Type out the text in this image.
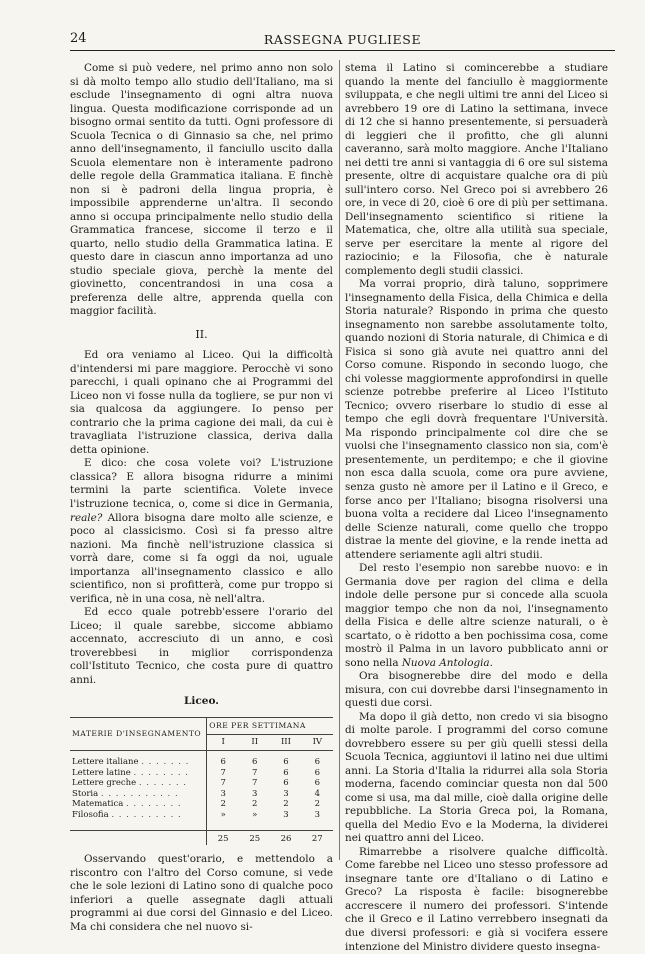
24	RASSEGNA PUGLIESE

Come si può vedere, nel primo anno non solo si dà molto tempo allo studio dell'Italiano, ma si esclude l'insegnamento di ogni altra nuova lingua. Questa modificazione corrisponde ad un bisogno ormai sentito da tutti. Ogni professore di Scuola Tecnica o di Ginnasio sa che, nel primo anno dell'insegnamento, il fanciullo uscito dalla Scuola elementare non è interamente padrono delle regole della Grammatica italiana. E finchè non si è padroni della lingua propria, è impossibile apprenderne un'altra. Il secondo anno si occupa principalmente nello studio della Grammatica francese, siccome il terzo e il quarto, nello studio della Grammatica latina. E questo dare in ciascun anno importanza ad uno studio speciale giova, perchè la mente del giovinetto, concentrandosi in una cosa a preferenza delle altre, apprenda quella con maggior facilità.

II.

Ed ora veniamo al Liceo. Qui la difficoltà d'intendersi mi pare maggiore. Perocchè vi sono parecchi, i quali opinano che ai Programmi del Liceo non vi fosse nulla da togliere, se pur non vi sia qualcosa da aggiungere. Io penso per contrario che la prima cagione dei mali, da cui è travagliata l'istruzione classica, deriva dalla detta opinione.

E dico: che cosa volete voi? L'istruzione classica? E allora bisogna ridurre a minimi termini la parte scientifica. Volete invece l'istruzione tecnica, o, come si dice in Germania, reale? Allora bisogna dare molto alle scienze, e poco al classicismo. Così si fa presso altre nazioni. Ma finchè nell'istruzione classica si vorrà dare, come si fa oggi da noi, uguale importanza all'insegnamento classico e allo scientifico, non si profitterà, come pur troppo si verifica, nè in una cosa, nè nell'altra.

Ed ecco quale potrebb'essere l'orario del Liceo; il quale sarebbe, siccome abbiamo accennato, accresciuto di un anno, e così troverebbesi in miglior corrispondenza coll'Istituto Tecnico, che costa pure di quattro anni.

Liceo.
MATERIE D'INSEGNAMENTO	ORE PER SETTIMANA			
	I	II	III	IV

Lettere italiane . . . . . . .	6	6	6	6
Lettere latine . . . . . . . .	7	7	6	6
Lettere greche . . . . . . .	7	7	6	6
Storia . . . . . . . . . . .	3	3	3	4
Matematica . . . . . . . .	2	2	2	2
Filosofia . . . . . . . . . .	»	»	3	3

	25	25	26	27

Osservando quest'orario, e mettendolo a riscontro con l'altro del Corso comune, si vede che le sole lezioni di Latino sono di qualche poco inferiori a quelle assegnate dagli attuali programmi ai due corsi del Ginnasio e del Liceo. Ma chi considera che nel nuovo si-

stema il Latino si comincerebbe a studiare quando la mente del fanciullo è maggiormente sviluppata, e che negli ultimi tre anni del Liceo si avrebbero 19 ore di Latino la settimana, invece di 12 che si hanno presentemente, si persuaderà di leggieri che il profitto, che gli alunni caveranno, sarà molto maggiore. Anche l'Italiano nei detti tre anni si vantaggia di 6 ore sul sistema presente, oltre di acquistare qualche ora di più sull'intero corso. Nel Greco poi si avrebbero 26 ore, in vece di 20, cioè 6 ore di più per settimana. Dell'insegnamento scientifico si ritiene la Matematica, che, oltre alla utilità sua speciale, serve per esercitare la mente al rigore del raziocinio; e la Filosofia, che è naturale complemento degli studii classici.

Ma vorrai proprio, dirà taluno, sopprimere l'insegnamento della Fisica, della Chimica e della Storia naturale? Rispondo in prima che questo insegnamento non sarebbe assolutamente tolto, quando nozioni di Storia naturale, di Chimica e di Fisica si sono già avute nei quattro anni del Corso comune. Rispondo in secondo luogo, che chi volesse maggiormente approfondirsi in quelle scienze potrebbe preferire al Liceo l'Istituto Tecnico; ovvero riserbare lo studio di esse al tempo che egli dovrà frequentare l'Università. Ma rispondo principalmente col dire che se vuolsi che l'insegnamento classico non sia, com'è presentemente, un perditempo; e che il giovine non esca dalla scuola, come ora pure avviene, senza gusto nè amore per il Latino e il Greco, e forse anco per l'Italiano; bisogna risolversi una buona volta a recidere dal Liceo l'insegnamento delle Scienze naturali, come quello che troppo distrae la mente del giovine, e la rende inetta ad attendere seriamente agli altri studii.

Del resto l'esempio non sarebbe nuovo: e in Germania dove per ragion del clima e della indole delle persone pur si concede alla scuola maggior tempo che non da noi, l'insegnamento della Fisica e delle altre scienze naturali, o è scartato, o è ridotto a ben pochissima cosa, come mostrò il Palma in un lavoro pubblicato anni or sono nella Nuova Antologia.

Ora bisognerebbe dire del modo e della misura, con cui dovrebbe darsi l'insegnamento in questi due corsi.

Ma dopo il già detto, non credo vi sia bisogno di molte parole. I programmi del corso comune dovrebbero essere su per giù quelli stessi della Scuola Tecnica, aggiuntovi il latino nei due ultimi anni. La Storia d'Italia la ridurrei alla sola Storia moderna, facendo cominciar questa non dal 500 come si usa, ma dal mille, cioè dalla origine delle repubbliche. La Storia Greca poi, la Romana, quella del Medio Evo e la Moderna, la dividerei nei quattro anni del Liceo.

Rimarrebbe a risolvere qualche difficoltà. Come farebbe nel Liceo uno stesso professore ad insegnare tante ore d'Italiano o di Latino e Greco? La risposta è facile: bisognerebbe accrescere il numero dei professori. S'intende che il Greco e il Latino verrebbero insegnati da due diversi professori: e già si vocifera essere intenzione del Ministro dividere questo insegna-
